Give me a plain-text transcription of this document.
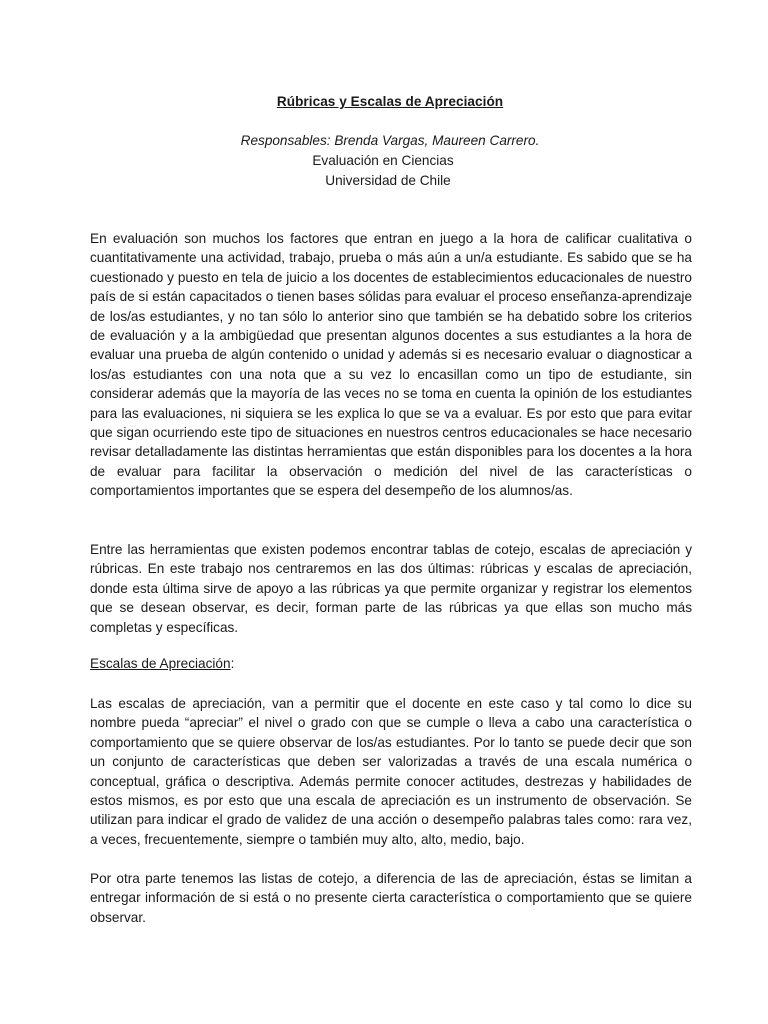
Rúbricas y Escalas de Apreciación
Responsables: Brenda Vargas, Maureen Carrero.
Evaluación en Ciencias
Universidad de Chile

En evaluación son muchos los factores que entran en juego a la hora de calificar cualitativa o cuantitativamente una actividad, trabajo, prueba o más aún a un/a estudiante. Es sabido que se ha cuestionado y puesto en tela de juicio a los docentes de establecimientos educacionales de nuestro país de si están capacitados o tienen bases sólidas para evaluar el proceso enseñanza-aprendizaje de los/as estudiantes, y no tan sólo lo anterior sino que también se ha debatido sobre los criterios de evaluación y a la ambigüedad que presentan algunos docentes a sus estudiantes a la hora de evaluar una prueba de algún contenido o unidad y además si es necesario evaluar o diagnosticar a los/as estudiantes con una nota que a su vez lo encasillan como un tipo de estudiante, sin considerar además que la mayoría de las veces no se toma en cuenta la opinión de los estudiantes para las evaluaciones, ni siquiera se les explica lo que se va a evaluar. Es por esto que para evitar que sigan ocurriendo este tipo de situaciones en nuestros centros educacionales se hace necesario revisar detalladamente las distintas herramientas que están disponibles para los docentes a la hora de evaluar para facilitar la observación o medición del nivel de las características o comportamientos importantes que se espera del desempeño de los alumnos/as.

Entre las herramientas que existen podemos encontrar tablas de cotejo, escalas de apreciación y rúbricas. En este trabajo nos centraremos en las dos últimas: rúbricas y escalas de apreciación, donde esta última sirve de apoyo a las rúbricas ya que permite organizar y registrar los elementos que se desean observar, es decir, forman parte de las rúbricas ya que ellas son mucho más completas y específicas.

Escalas de Apreciación:

Las escalas de apreciación, van a permitir que el docente en este caso y tal como lo dice su nombre pueda “apreciar” el nivel o grado con que se cumple o lleva a cabo una característica o comportamiento que se quiere observar de los/as estudiantes. Por lo tanto se puede decir que son un conjunto de características que deben ser valorizadas a través de una escala numérica o conceptual, gráfica o descriptiva. Además permite conocer actitudes, destrezas y habilidades de estos mismos, es por esto que una escala de apreciación es un instrumento de observación. Se utilizan para indicar el grado de validez de una acción o desempeño palabras tales como: rara vez, a veces, frecuentemente, siempre o también muy alto, alto, medio, bajo.

Por otra parte tenemos las listas de cotejo, a diferencia de las de apreciación, éstas se limitan a entregar información de si está o no presente cierta característica o comportamiento que se quiere observar.
